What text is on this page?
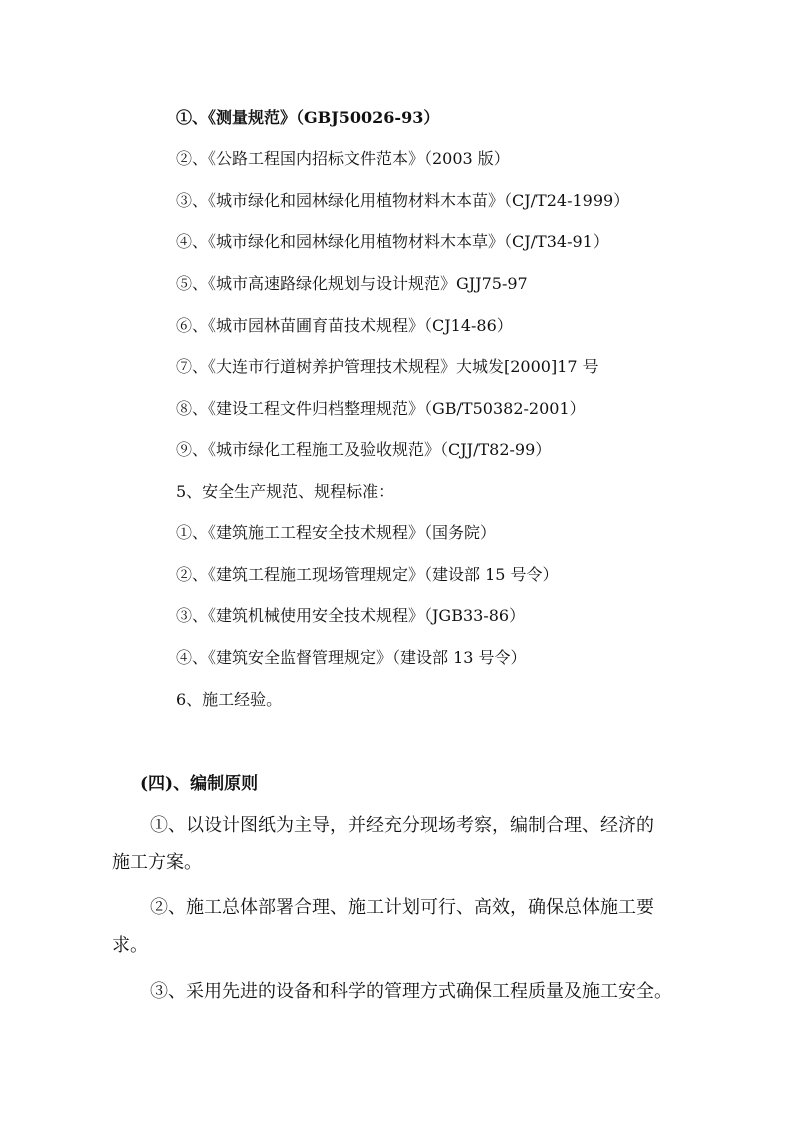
①、《测量规范》（GBJ50026-93）
②、《公路工程国内招标文件范本》（2003 版）
③、《城市绿化和园林绿化用植物材料木本苗》（CJ/T24-1999）
④、《城市绿化和园林绿化用植物材料木本草》（CJ/T34-91）
⑤、《城市高速路绿化规划与设计规范》GJJ75-97
⑥、《城市园林苗圃育苗技术规程》（CJ14-86）
⑦、《大连市行道树养护管理技术规程》大城发[2000]17 号
⑧、《建设工程文件归档整理规范》（GB/T50382-2001）
⑨、《城市绿化工程施工及验收规范》（CJJ/T82-99）
5、安全生产规范、规程标准：
①、《建筑施工工程安全技术规程》（国务院）
②、《建筑工程施工现场管理规定》（建设部 15 号令）
③、《建筑机械使用安全技术规程》（JGB33-86）
④、《建筑安全监督管理规定》（建设部 13 号令）
6、施工经验。
(四)、编制原则
①、以设计图纸为主导，并经充分现场考察，编制合理、经济的
施工方案。
②、施工总体部署合理、施工计划可行、高效，确保总体施工要
求。
③、采用先进的设备和科学的管理方式确保工程质量及施工安全。
